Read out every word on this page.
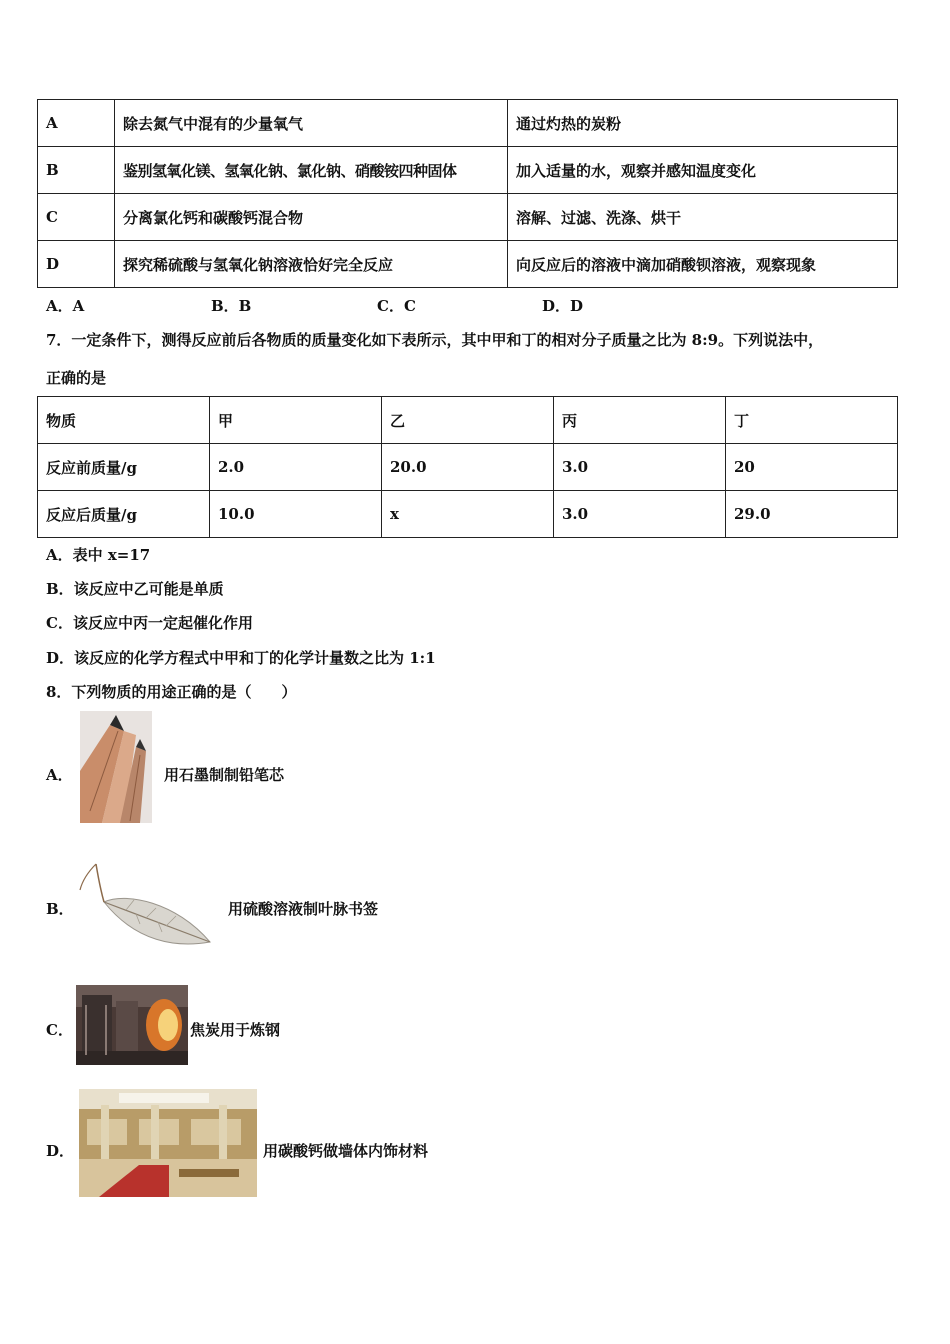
A	除去氮气中混有的少量氧气	通过灼热的炭粉
B	鉴别氢氧化镁、氢氧化钠、氯化钠、硝酸铵四种固体	加入适量的水，观察并感知温度变化
C	分离氯化钙和碳酸钙混合物	溶解、过滤、洗涤、烘干
D	探究稀硫酸与氢氧化钠溶液恰好完全反应	向反应后的溶液中滴加硝酸钡溶液，观察现象
A．A	B．B	C．C	D．D
7．一定条件下，测得反应前后各物质的质量变化如下表所示，其中甲和丁的相对分子质量之比为 8:9。下列说法中，
正确的是
物质	甲	乙	丙	丁
反应前质量/g	2.0	20.0	3.0	20
反应后质量/g	10.0	x	3.0	29.0
A．表中 x=17
B．该反应中乙可能是单质
C．该反应中丙一定起催化作用
D．该反应的化学方程式中甲和丁的化学计量数之比为 1:1
8．下列物质的用途正确的是（　　）
A．	用石墨制制铅笔芯
B．	用硫酸溶液制叶脉书签
C．	焦炭用于炼钢
D．	用碳酸钙做墙体内饰材料
